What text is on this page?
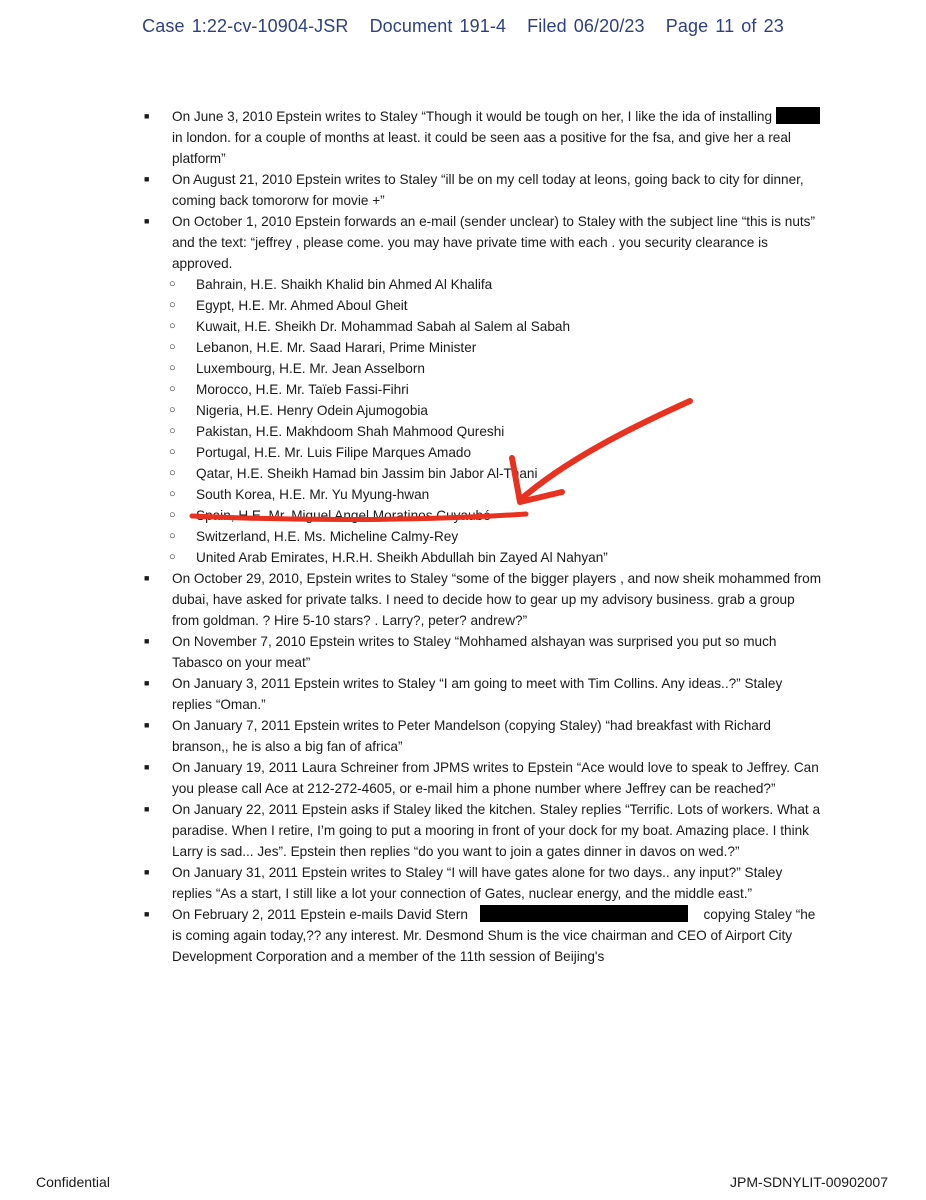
Case 1:22-cv-10904-JSR Document 191-4 Filed 06/20/23 Page 11 of 23
■ On June 3, 2010 Epstein writes to Staley “Though it would be tough on her, I like the ida of installing  in london. for a couple of months at least. it could be seen aas a positive for the fsa, and give her a real platform”
■ On August 21, 2010 Epstein writes to Staley “ill be on my cell today at leons, going back to city for dinner, coming back tomororw for movie +”
■ On October 1, 2010 Epstein forwards an e-mail (sender unclear) to Staley with the subject line “this is nuts” and the text: “jeffrey , please come. you may have private time with each . you security clearance is approved.
○ Bahrain, H.E. Shaikh Khalid bin Ahmed Al Khalifa
○ Egypt, H.E. Mr. Ahmed Aboul Gheit
○ Kuwait, H.E. Sheikh Dr. Mohammad Sabah al Salem al Sabah
○ Lebanon, H.E. Mr. Saad Harari, Prime Minister
○ Luxembourg, H.E. Mr. Jean Asselborn
○ Morocco, H.E. Mr. Taïeb Fassi-Fihri
○ Nigeria, H.E. Henry Odein Ajumogobia
○ Pakistan, H.E. Makhdoom Shah Mahmood Qureshi
○ Portugal, H.E. Mr. Luis Filipe Marques Amado
○ Qatar, H.E. Sheikh Hamad bin Jassim bin Jabor Al-Thani
○ South Korea, H.E. Mr. Yu Myung-hwan
○ Spain, H.E. Mr. Miguel Angel Moratinos Cuyaubé
○ Switzerland, H.E. Ms. Micheline Calmy-Rey
○ United Arab Emirates, H.R.H. Sheikh Abdullah bin Zayed Al Nahyan”
■ On October 29, 2010, Epstein writes to Staley “some of the bigger players , and now sheik mohammed from dubai, have asked for private talks. I need to decide how to gear up my advisory business. grab a group from goldman. ? Hire 5-10 stars? . Larry?, peter? andrew?”
■ On November 7, 2010 Epstein writes to Staley “Mohhamed alshayan was surprised you put so much Tabasco on your meat”
■ On January 3, 2011 Epstein writes to Staley “I am going to meet with Tim Collins. Any ideas..?” Staley replies “Oman.”
■ On January 7, 2011 Epstein writes to Peter Mandelson (copying Staley) “had breakfast with Richard branson,, he is also a big fan of africa”
■ On January 19, 2011 Laura Schreiner from JPMS writes to Epstein “Ace would love to speak to Jeffrey. Can you please call Ace at 212-272-4605, or e-mail him a phone number where Jeffrey can be reached?”
■ On January 22, 2011 Epstein asks if Staley liked the kitchen. Staley replies “Terrific. Lots of workers. What a paradise. When I retire, I’m going to put a mooring in front of your dock for my boat. Amazing place. I think Larry is sad... Jes”. Epstein then replies “do you want to join a gates dinner in davos on wed.?”
■ On January 31, 2011 Epstein writes to Staley “I will have gates alone for two days.. any input?” Staley replies “As a start, I still like a lot your connection of Gates, nuclear energy, and the middle east.”
■ On February 2, 2011 Epstein e-mails David Stern	copying Staley “he is coming again today,?? any interest. Mr. Desmond Shum is the vice chairman and CEO of Airport City Development Corporation and a member of the 11th session of Beijing's
Confidential	JPM-SDNYLIT-00902007
